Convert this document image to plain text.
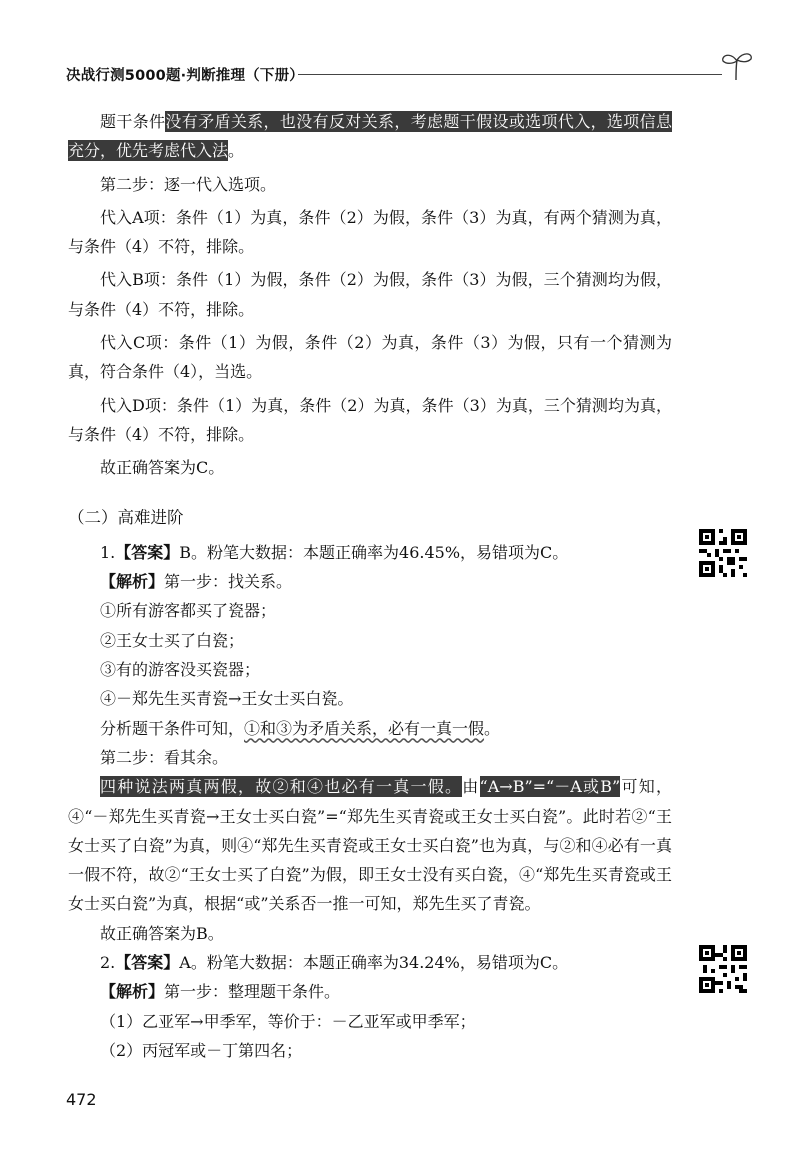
决战行测5000题·判断推理（下册）

题干条件没有矛盾关系，也没有反对关系，考虑题干假设或选项代入，选项信息充分，优先考虑代入法。

第二步：逐一代入选项。

代入A项：条件（1）为真，条件（2）为假，条件（3）为真，有两个猜测为真，与条件（4）不符，排除。

代入B项：条件（1）为假，条件（2）为假，条件（3）为假，三个猜测均为假，与条件（4）不符，排除。

代入C项：条件（1）为假，条件（2）为真，条件（3）为假，只有一个猜测为真，符合条件（4），当选。

代入D项：条件（1）为真，条件（2）为真，条件（3）为真，三个猜测均为真，与条件（4）不符，排除。

故正确答案为C。

（二）高难进阶

1.【答案】B。粉笔大数据：本题正确率为46.45%，易错项为C。

【解析】第一步：找关系。

①所有游客都买了瓷器；

②王女士买了白瓷；

③有的游客没买瓷器；

④－郑先生买青瓷→王女士买白瓷。

分析题干条件可知，①和③为矛盾关系，必有一真一假。

第二步：看其余。

四种说法两真两假，故②和④也必有一真一假。由“A→B”=“－A或B”可知，④“－郑先生买青瓷→王女士买白瓷”=“郑先生买青瓷或王女士买白瓷”。此时若②“王女士买了白瓷”为真，则④“郑先生买青瓷或王女士买白瓷”也为真，与②和④必有一真一假不符，故②“王女士买了白瓷”为假，即王女士没有买白瓷，④“郑先生买青瓷或王女士买白瓷”为真，根据“或”关系否一推一可知，郑先生买了青瓷。

故正确答案为B。

2.【答案】A。粉笔大数据：本题正确率为34.24%，易错项为C。

【解析】第一步：整理题干条件。

（1）乙亚军→甲季军，等价于：－乙亚军或甲季军；

（2）丙冠军或－丁第四名；

472
